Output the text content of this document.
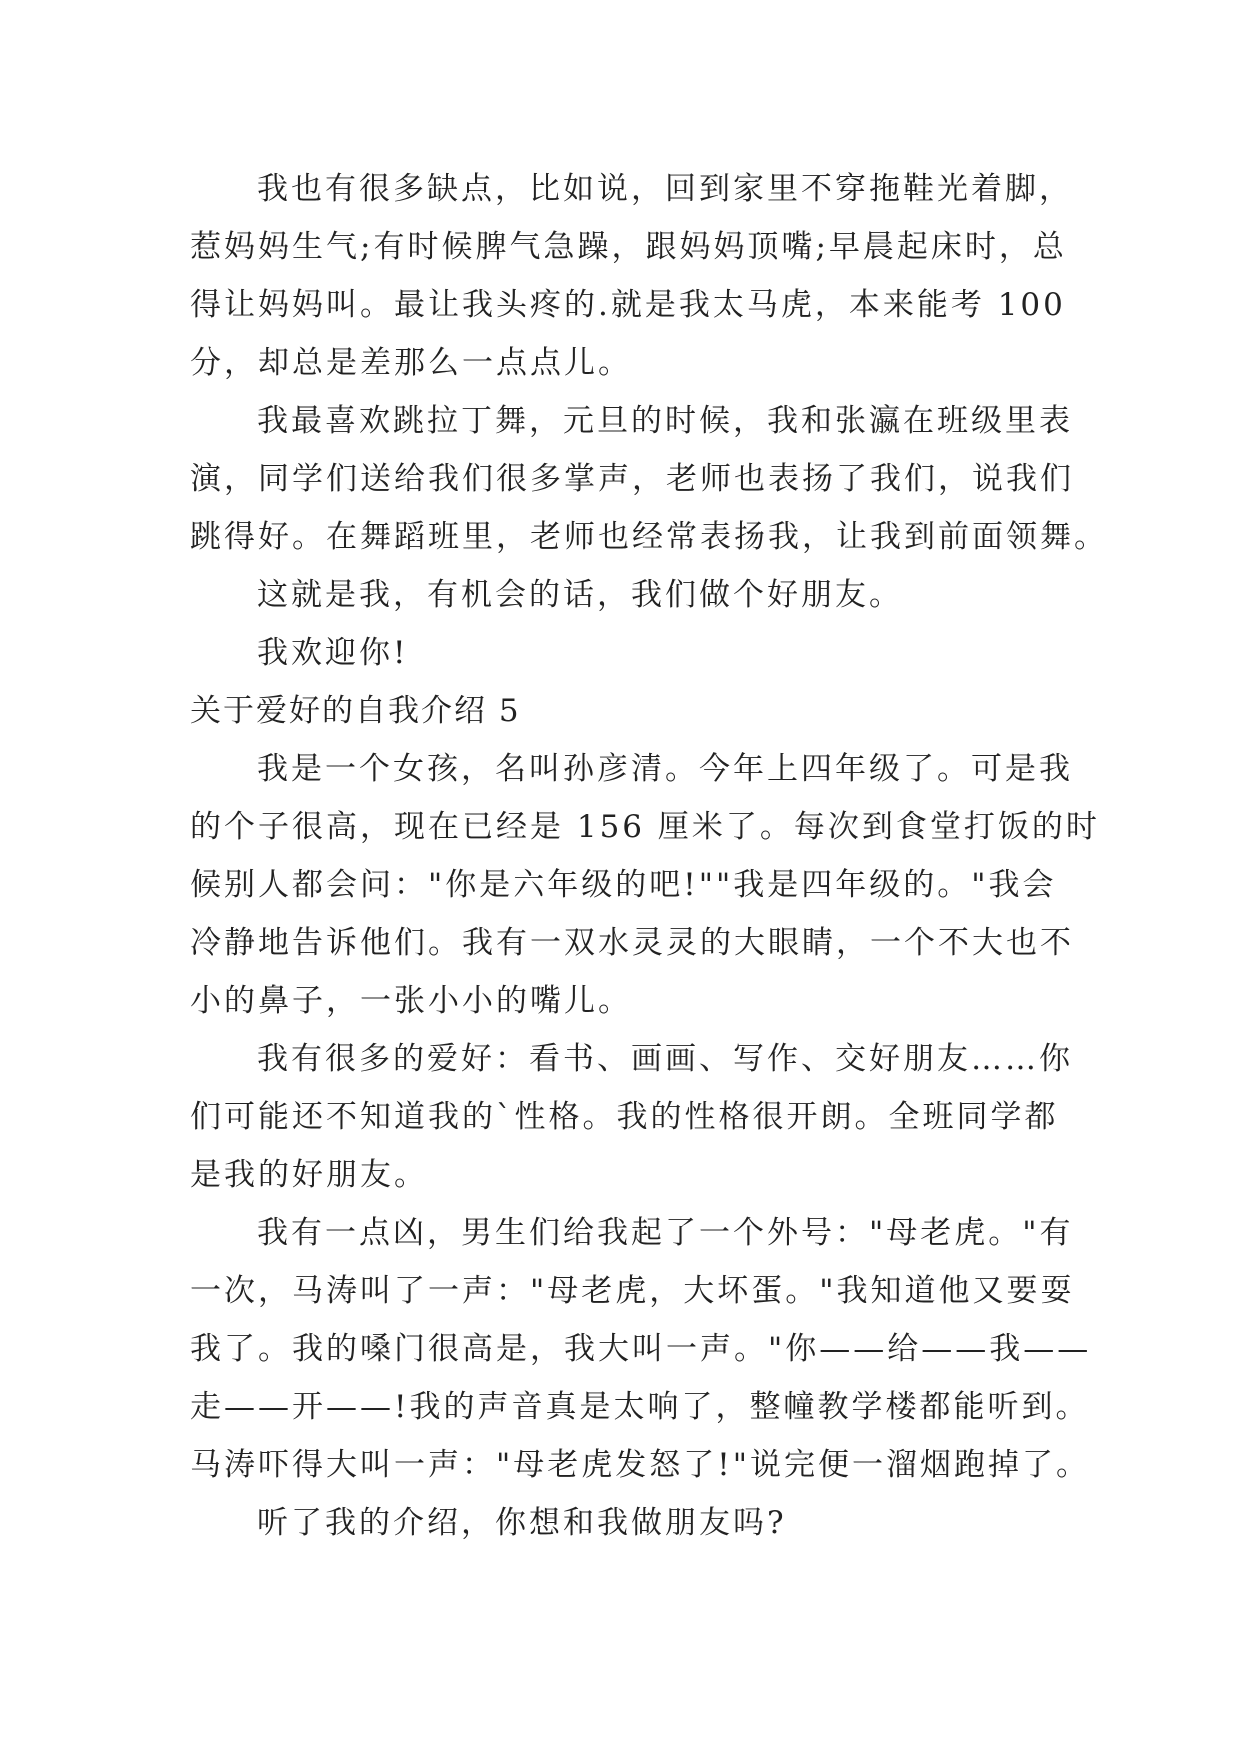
我也有很多缺点，比如说，回到家里不穿拖鞋光着脚，
惹妈妈生气;有时候脾气急躁，跟妈妈顶嘴;早晨起床时，总
得让妈妈叫。最让我头疼的.就是我太马虎，本来能考 100
分，却总是差那么一点点儿。
我最喜欢跳拉丁舞，元旦的时候，我和张瀛在班级里表
演，同学们送给我们很多掌声，老师也表扬了我们，说我们
跳得好。在舞蹈班里，老师也经常表扬我，让我到前面领舞。
这就是我，有机会的话，我们做个好朋友。
我欢迎你!
关于爱好的自我介绍 5
我是一个女孩，名叫孙彦清。今年上四年级了。可是我
的个子很高，现在已经是 156 厘米了。每次到食堂打饭的时
候别人都会问："你是六年级的吧!""我是四年级的。"我会
冷静地告诉他们。我有一双水灵灵的大眼睛，一个不大也不
小的鼻子，一张小小的嘴儿。
我有很多的爱好：看书、画画、写作、交好朋友……你
们可能还不知道我的`性格。我的性格很开朗。全班同学都
是我的好朋友。
我有一点凶，男生们给我起了一个外号："母老虎。"有
一次，马涛叫了一声："母老虎，大坏蛋。"我知道他又要耍
我了。我的嗓门很高是，我大叫一声。"你——给——我——
走——开——!我的声音真是太响了，整幢教学楼都能听到。
马涛吓得大叫一声："母老虎发怒了!"说完便一溜烟跑掉了。
听了我的介绍，你想和我做朋友吗?
